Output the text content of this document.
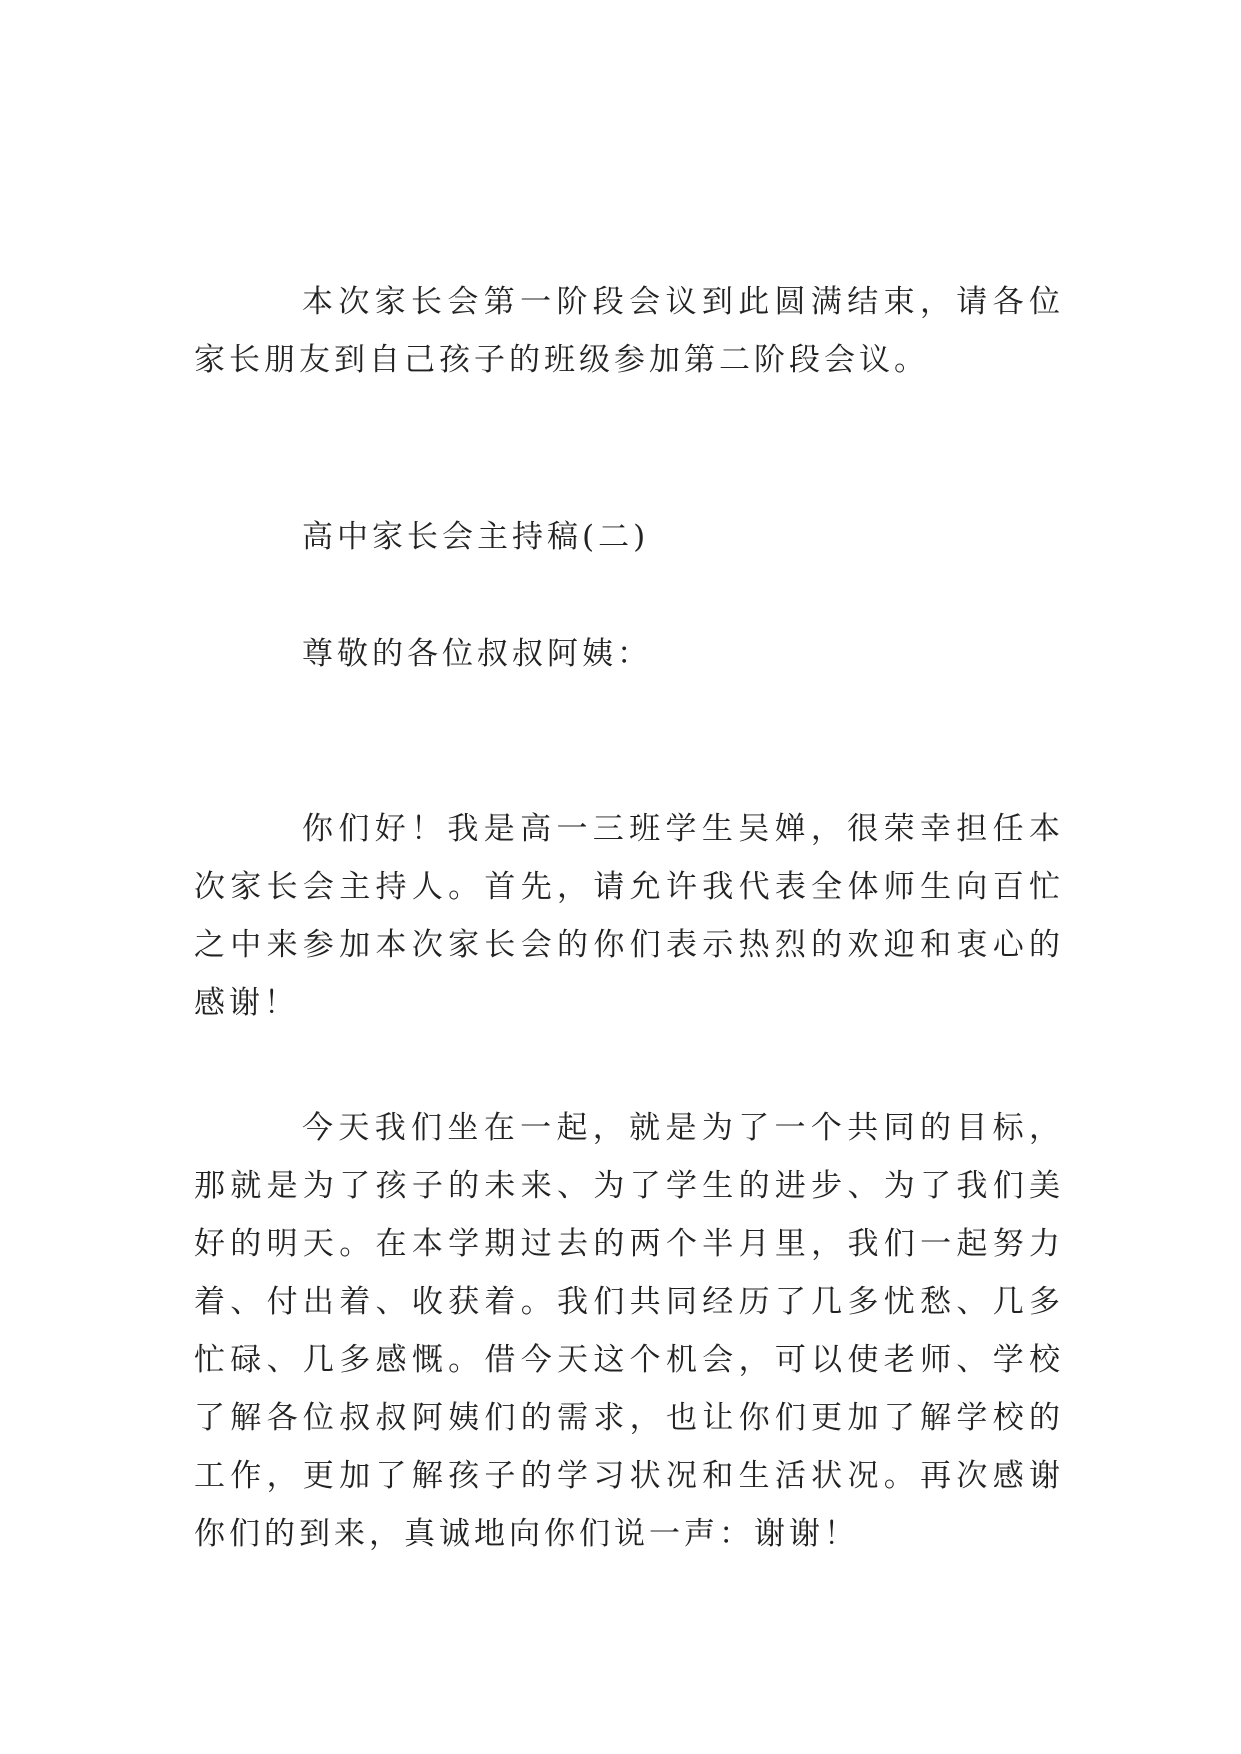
本次家长会第一阶段会议到此圆满结束，请各位家长朋友到自己孩子的班级参加第二阶段会议。

高中家长会主持稿(二)

尊敬的各位叔叔阿姨：

你们好！我是高一三班学生吴婵，很荣幸担任本次家长会主持人。首先，请允许我代表全体师生向百忙之中来参加本次家长会的你们表示热烈的欢迎和衷心的感谢！

今天我们坐在一起，就是为了一个共同的目标，那就是为了孩子的未来、为了学生的进步、为了我们美好的明天。在本学期过去的两个半月里，我们一起努力着、付出着、收获着。我们共同经历了几多忧愁、几多忙碌、几多感慨。借今天这个机会，可以使老师、学校了解各位叔叔阿姨们的需求，也让你们更加了解学校的工作，更加了解孩子的学习状况和生活状况。再次感谢你们的到来，真诚地向你们说一声：谢谢！
